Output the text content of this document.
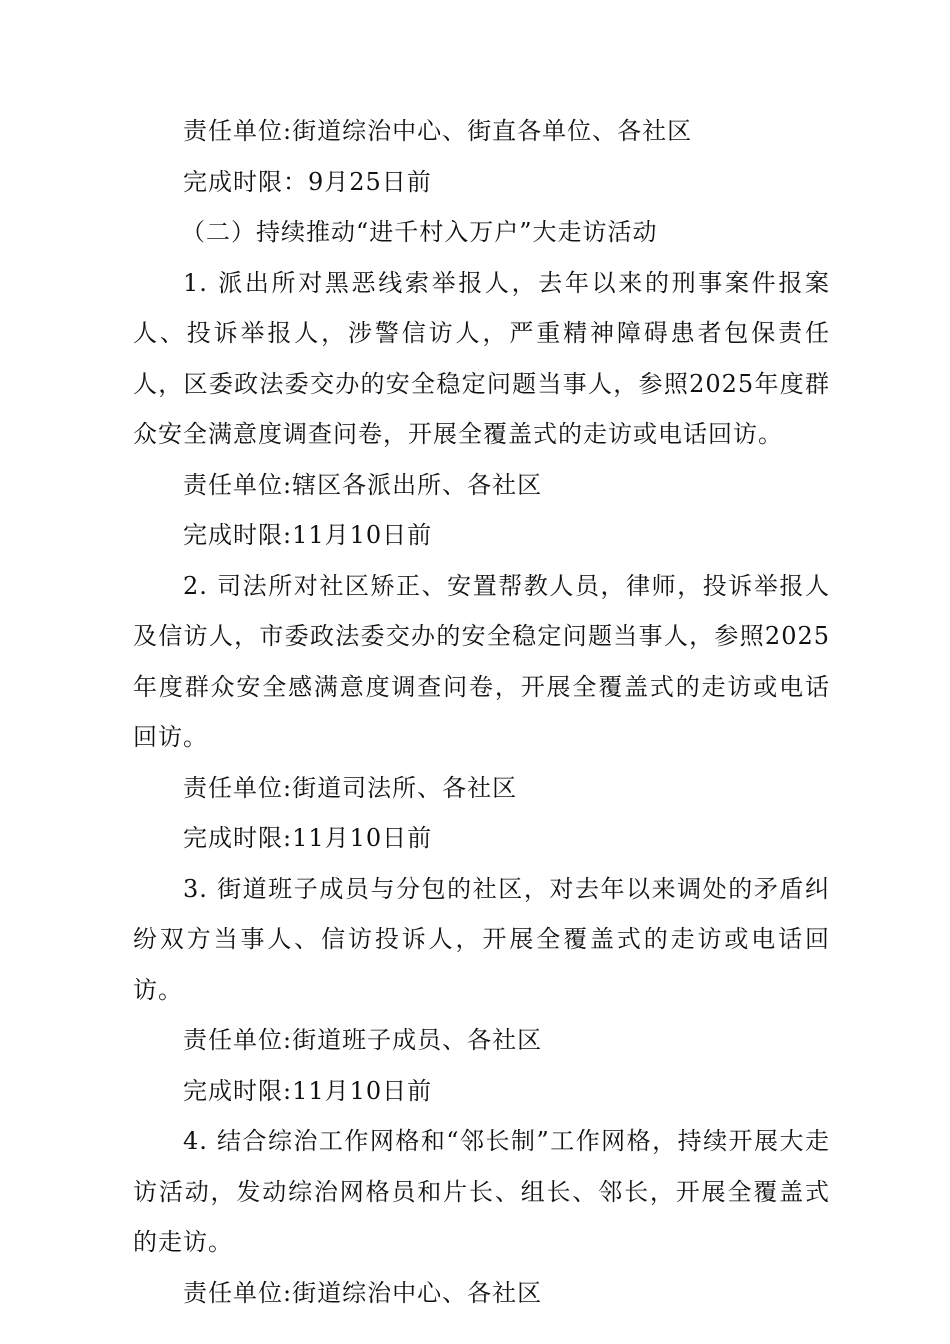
责任单位:街道综治中心、街直各单位、各社区

完成时限：9月25日前

（二）持续推动“进千村入万户”大走访活动

1. 派出所对黑恶线索举报人，去年以来的刑事案件报案人、投诉举报人，涉警信访人，严重精神障碍患者包保责任人，区委政法委交办的安全稳定问题当事人，参照2025年度群众安全满意度调查问卷，开展全覆盖式的走访或电话回访。

责任单位:辖区各派出所、各社区

完成时限:11月10日前

2. 司法所对社区矫正、安置帮教人员，律师，投诉举报人及信访人，市委政法委交办的安全稳定问题当事人，参照2025年度群众安全感满意度调查问卷，开展全覆盖式的走访或电话回访。

责任单位:街道司法所、各社区

完成时限:11月10日前

3. 街道班子成员与分包的社区，对去年以来调处的矛盾纠纷双方当事人、信访投诉人，开展全覆盖式的走访或电话回访。

责任单位:街道班子成员、各社区

完成时限:11月10日前

4. 结合综治工作网格和“邻长制”工作网格，持续开展大走访活动，发动综治网格员和片长、组长、邻长，开展全覆盖式的走访。

责任单位:街道综治中心、各社区
